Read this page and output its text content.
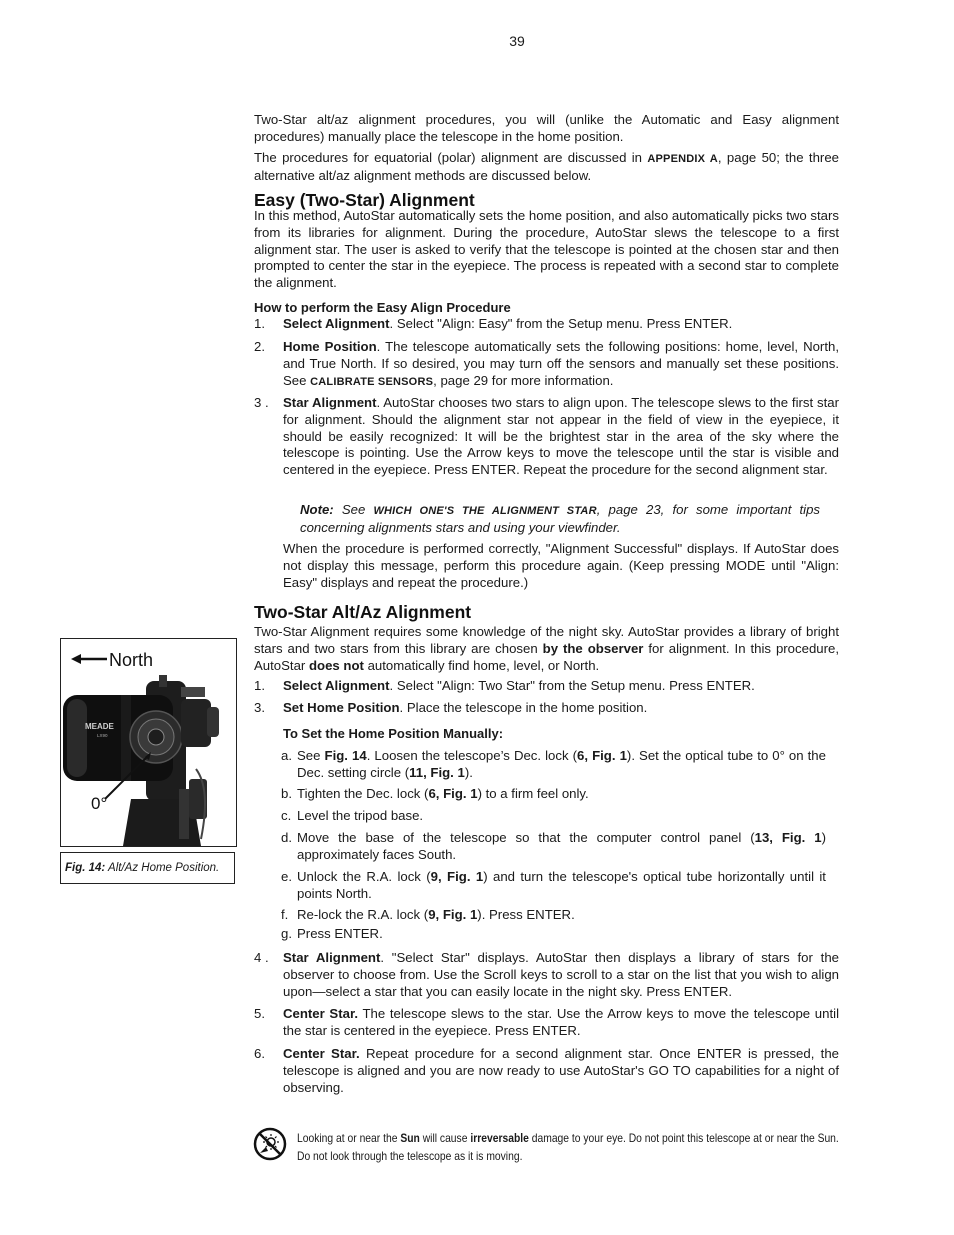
39

Two-Star alt/az alignment procedures, you will (unlike the Automatic and Easy alignment procedures) manually place the telescope in the home position.

The procedures for equatorial (polar) alignment are discussed in APPENDIX A, page 50; the three alternative alt/az alignment methods are discussed below.

Easy (Two-Star) Alignment

In this method, AutoStar automatically sets the home position, and also automatically picks two stars from its libraries for alignment. During the procedure, AutoStar slews the telescope to a first alignment star. The user is asked to verify that the telescope is pointed at the chosen star and then prompted to center the star in the eyepiece. The process is repeated with a second star to complete the alignment.

How to perform the Easy Align Procedure
1.	Select Alignment. Select "Align: Easy" from the Setup menu. Press ENTER.

2.	Home Position. The telescope automatically sets the following positions: home, level, North, and True North. If so desired, you may turn off the sensors and manually set these positions. See CALIBRATE SENSORS, page 29 for more information.

3 .	Star Alignment. AutoStar chooses two stars to align upon. The telescope slews to the first star for alignment. Should the alignment star not appear in the field of view in the eyepiece, it should be easily recognized: It will be the brightest star in the area of the sky where the telescope is pointing. Use the Arrow keys to move the telescope until the star is visible and centered in the eyepiece. Press ENTER. Repeat the procedure for the second alignment star.

Note: See WHICH ONE'S THE ALIGNMENT STAR, page 23, for some important tips concerning alignments stars and using your viewfinder.

When the procedure is performed correctly, "Alignment Successful" displays. If AutoStar does not display this message, perform this procedure again. (Keep pressing MODE until "Align: Easy" displays and repeat the procedure.)

Two-Star Alt/Az Alignment

Two-Star Alignment requires some knowledge of the night sky. AutoStar provides a library of bright stars and two stars from this library are chosen by the observer for alignment. In this procedure, AutoStar does not automatically find home, level, or North.

1.	Select Alignment. Select "Align: Two Star" from the Setup menu. Press ENTER.

3.	Set Home Position. Place the telescope in the home position.

To Set the Home Position Manually:
a. See Fig. 14. Loosen the telescope’s Dec. lock (6, Fig. 1). Set the optical tube to 0° on the Dec. setting circle (11, Fig. 1).

b. Tighten the Dec. lock (6, Fig. 1) to a firm feel only.

c. Level the tripod base.

d. Move the base of the telescope so that the computer control panel (13, Fig. 1) approximately faces South.

e. Unlock the R.A. lock (9, Fig. 1) and turn the telescope's optical tube horizontally until it points North.

f. Re-lock the R.A. lock (9, Fig. 1). Press ENTER.

g. Press ENTER.

4 .	Star Alignment. "Select Star" displays. AutoStar then displays a library of stars for the observer to choose from. Use the Scroll keys to scroll to a star on the list that you wish to align upon—select a star that you can easily locate in the night sky. Press ENTER.

5.	Center Star. The telescope slews to the star. Use the Arrow keys to move the telescope until the star is centered in the eyepiece. Press ENTER.

6.	Center Star. Repeat procedure for a second alignment star. Once ENTER is pressed, the telescope is aligned and you are now ready to use AutoStar's GO TO capabilities for a night of observing.

North
MEADE
LX90
0°
Fig. 14: Alt/Az Home Position.

Looking at or near the Sun will cause irreversable damage to your eye. Do not point this telescope at or near the Sun. Do not look through the telescope as it is moving.
